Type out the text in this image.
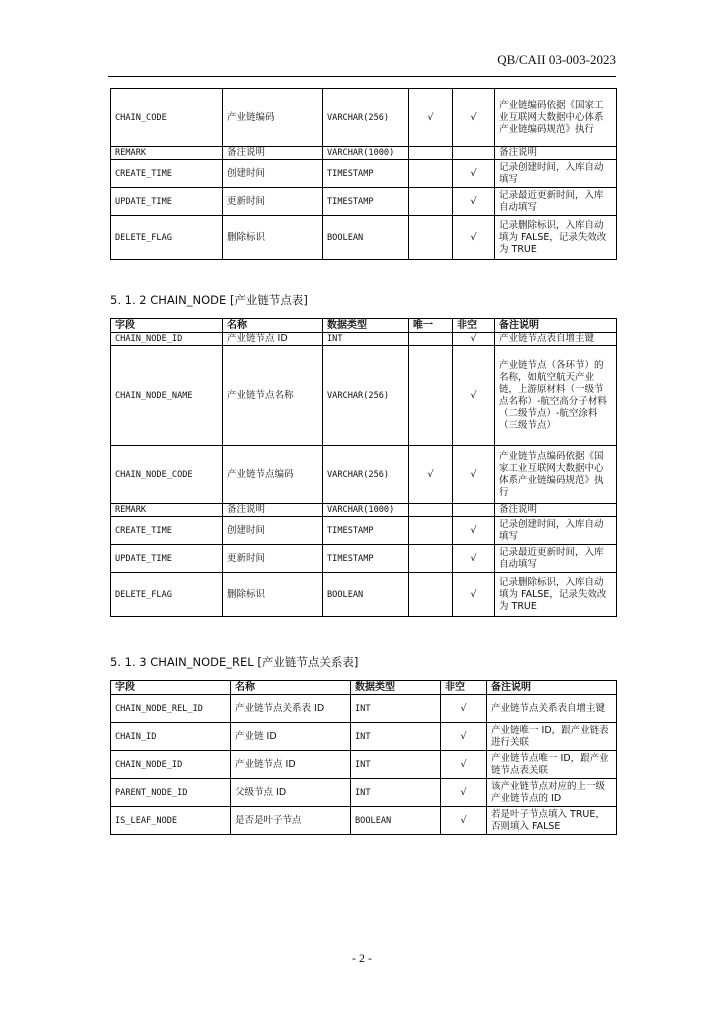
QB/CAII 03-003-2023
CHAIN_CODE	产业链编码	VARCHAR(256)	√	√	产业链编码依据《国家工业互联网大数据中心体系产业链编码规范》执行
REMARK	备注说明	VARCHAR(1000)			备注说明
CREATE_TIME	创建时间	TIMESTAMP		√	记录创建时间，入库自动填写
UPDATE_TIME	更新时间	TIMESTAMP		√	记录最近更新时间，入库自动填写
DELETE_FLAG	删除标识	BOOLEAN		√	记录删除标识，入库自动填为 FALSE，记录失效改为 TRUE
5. 1. 2 CHAIN_NODE [产业链节点表]
字段	名称	数据类型	唯一	非空	备注说明
CHAIN_NODE_ID	产业链节点 ID	INT		√	产业链节点表自增主键
CHAIN_NODE_NAME	产业链节点名称	VARCHAR(256)		√	产业链节点（各环节）的名称，如航空航天产业链，上游原材料（一级节点名称）-航空高分子材料（二级节点）-航空涂料（三级节点）
CHAIN_NODE_CODE	产业链节点编码	VARCHAR(256)	√	√	产业链节点编码依据《国家工业互联网大数据中心体系产业链编码规范》执行
REMARK	备注说明	VARCHAR(1000)			备注说明
CREATE_TIME	创建时间	TIMESTAMP		√	记录创建时间，入库自动填写
UPDATE_TIME	更新时间	TIMESTAMP		√	记录最近更新时间，入库自动填写
DELETE_FLAG	删除标识	BOOLEAN		√	记录删除标识，入库自动填为 FALSE，记录失效改为 TRUE
5. 1. 3 CHAIN_NODE_REL [产业链节点关系表]
字段	名称	数据类型	非空	备注说明
CHAIN_NODE_REL_ID	产业链节点关系表 ID	INT	√	产业链节点关系表自增主键
CHAIN_ID	产业链 ID	INT	√	产业链唯一 ID，跟产业链表进行关联
CHAIN_NODE_ID	产业链节点 ID	INT	√	产业链节点唯一 ID，跟产业链节点表关联
PARENT_NODE_ID	父级节点 ID	INT	√	该产业链节点对应的上一级产业链节点的 ID
IS_LEAF_NODE	是否是叶子节点	BOOLEAN	√	若是叶子节点填入 TRUE，否则填入 FALSE
- 2 -
